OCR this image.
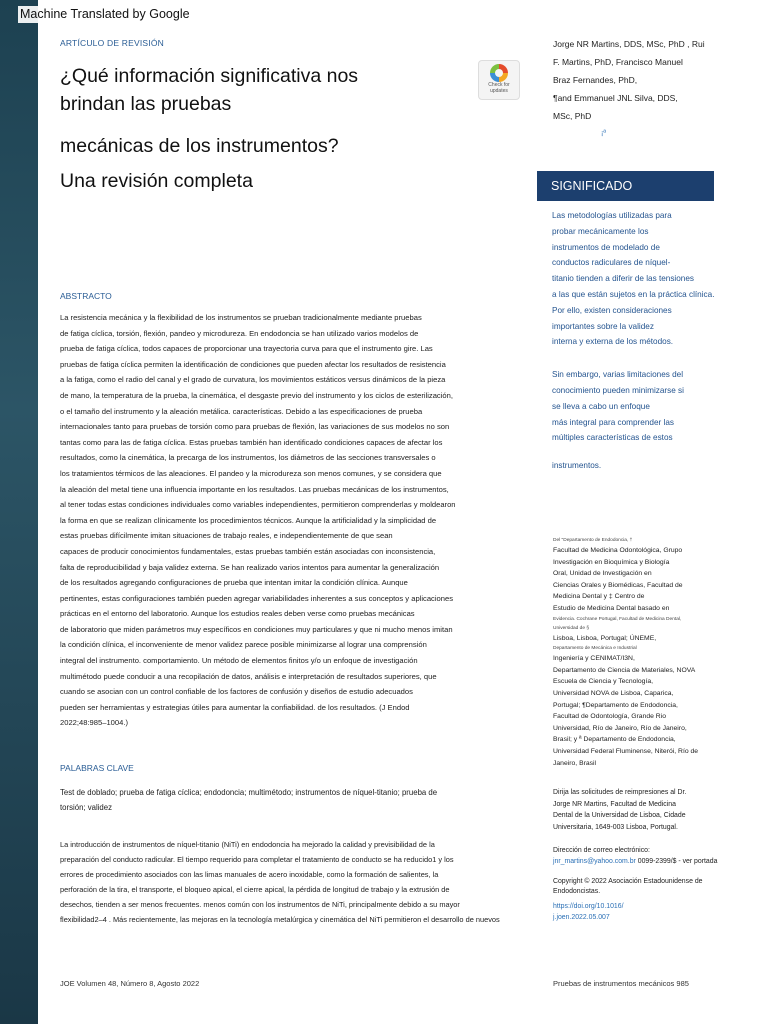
Machine Translated by Google
ARTÍCULO DE REVISIÓN
¿Qué información significativa nos
brindan las pruebas
mecánicas de los instrumentos?
Una revisión completa
Check for
updates
Jorge NR Martins, DDS, MSc, PhD , Rui
F. Martins, PhD, Francisco Manuel
Braz Fernandes, PhD,
¶and Emmanuel JNL Silva, DDS,
MSc, PhD
¡ª
SIGNIFICADO
Las metodologías utilizadas para
probar mecánicamente los
instrumentos de modelado de
conductos radiculares de níquel-
titanio tienden a diferir de las tensiones
a las que están sujetos en la práctica clínica.
Por ello, existen consideraciones
importantes sobre la validez
interna y externa de los métodos.
Sin embargo, varias limitaciones del
conocimiento pueden minimizarse si
se lleva a cabo un enfoque
más integral para comprender las
múltiples características de estos
instrumentos.
ABSTRACTO
La resistencia mecánica y la flexibilidad de los instrumentos se prueban tradicionalmente mediante pruebas
de fatiga cíclica, torsión, flexión, pandeo y microdureza. En endodoncia se han utilizado varios modelos de
prueba de fatiga cíclica, todos capaces de proporcionar una trayectoria curva para que el instrumento gire. Las
pruebas de fatiga cíclica permiten la identificación de condiciones que pueden afectar los resultados de resistencia
a la fatiga, como el radio del canal y el grado de curvatura, los movimientos estáticos versus dinámicos de la pieza
de mano, la temperatura de la prueba, la cinemática, el desgaste previo del instrumento y los ciclos de esterilización,
o el tamaño del instrumento y la aleación metálica. características. Debido a las especificaciones de prueba
internacionales tanto para pruebas de torsión como para pruebas de flexión, las variaciones de sus modelos no son
tantas como para las de fatiga cíclica. Estas pruebas también han identificado condiciones capaces de afectar los
resultados, como la cinemática, la precarga de los instrumentos, los diámetros de las secciones transversales o
los tratamientos térmicos de las aleaciones. El pandeo y la microdureza son menos comunes, y se considera que
la aleación del metal tiene una influencia importante en los resultados. Las pruebas mecánicas de los instrumentos,
al tener todas estas condiciones individuales como variables independientes, permitieron comprenderlas y moldearon
la forma en que se realizan clínicamente los procedimientos técnicos. Aunque la artificialidad y la simplicidad de
estas pruebas difícilmente imitan situaciones de trabajo reales, e independientemente de que sean
capaces de producir conocimientos fundamentales, estas pruebas también están asociadas con inconsistencia,
falta de reproducibilidad y baja validez externa. Se han realizado varios intentos para aumentar la generalización
de los resultados agregando configuraciones de prueba que intentan imitar la condición clínica. Aunque
pertinentes, estas configuraciones también pueden agregar variabilidades inherentes a sus conceptos y aplicaciones
prácticas en el entorno del laboratorio. Aunque los estudios reales deben verse como pruebas mecánicas
de laboratorio que miden parámetros muy específicos en condiciones muy particulares y que ni mucho menos imitan
la condición clínica, el inconveniente de menor validez parece posible minimizarse al lograr una comprensión
integral del instrumento. comportamiento. Un método de elementos finitos y/o un enfoque de investigación
multimétodo puede conducir a una recopilación de datos, análisis e interpretación de resultados superiores, que
cuando se asocian con un control confiable de los factores de confusión y diseños de estudio adecuados
pueden ser herramientas y estrategias útiles para aumentar la confiabilidad. de los resultados. (J Endod
2022;48:985–1004.)
PALABRAS CLAVE
Test de doblado; prueba de fatiga cíclica; endodoncia; multimétodo; instrumentos de níquel-titanio; prueba de
torsión; validez
La introducción de instrumentos de níquel-titanio (NiTi) en endodoncia ha mejorado la calidad y previsibilidad de la
preparación del conducto radicular. El tiempo requerido para completar el tratamiento de conducto se ha reducido1 y los
errores de procedimiento asociados con las limas manuales de acero inoxidable, como la formación de salientes, la
perforación de la tira, el transporte, el bloqueo apical, el cierre apical, la pérdida de longitud de trabajo y la extrusión de
desechos, tienden a ser menos frecuentes. menos común con los instrumentos de NiTi, principalmente debido a su mayor
flexibilidad2–4 . Más recientemente, las mejoras en la tecnología metalúrgica y cinemática del NiTi permitieron el desarrollo de nuevos
Del "Departamento de Endodoncia, †
Facultad de Medicina Odontológica, Grupo
Investigación en Bioquímica y Biología
Oral, Unidad de Investigación en
Ciencias Orales y Biomédicas, Facultad de
Medicina Dental y ‡ Centro de
Estudio de Medicina Dental basado en
Evidencia. Cochrane Portugal, Facultad de Medicina Dental,
Universidad de §
Lisboa, Lisboa, Portugal; ÚNEME,
Departamento de Mecánica e Industrial
Ingeniería y CENIMAT/I3N,
Departamento de Ciencia de Materiales, NOVA
Escuela de Ciencia y Tecnología,
Universidad NOVA de Lisboa, Caparica,
Portugal; ¶Departamento de Endodoncia,
Facultad de Odontología, Grande Rio
Universidad, Río de Janeiro, Río de Janeiro,
Brasil; y ª Departamento de Endodoncia,
Universidad Federal Fluminense, Niterói, Río de
Janeiro, Brasil
Dirija las solicitudes de reimpresiones al Dr.
Jorge NR Martins, Facultad de Medicina
Dental de la Universidad de Lisboa, Cidade
Universitaria, 1649-003 Lisboa, Portugal.
Dirección de correo electrónico:
jnr_martins@yahoo.com.br 0099-2399/$ - ver portada
Copyright © 2022 Asociación Estadounidense de
Endodoncistas.
https://doi.org/10.1016/
j.joen.2022.05.007
JOE Volumen 48, Número 8, Agosto 2022	Pruebas de instrumentos mecánicos 985
